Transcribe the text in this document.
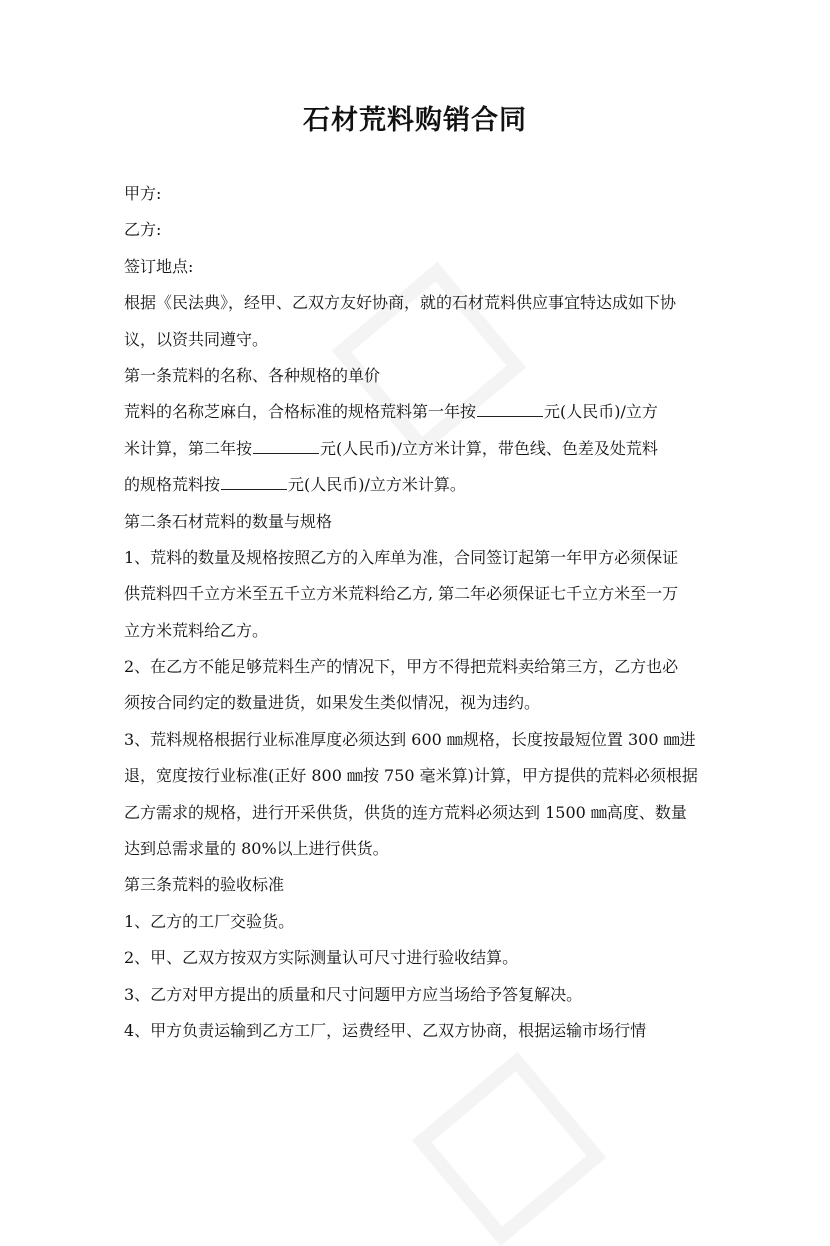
石材荒料购销合同
甲方:
乙方:
签订地点:
根据《民法典》，经甲、乙双方友好协商，就的石材荒料供应事宜特达成如下协
议，以资共同遵守。
第一条荒料的名称、各种规格的单价
荒料的名称芝麻白，合格标准的规格荒料第一年按	元(人民币)/立方
米计算，第二年按	元(人民币)/立方米计算，带色线、色差及处荒料
的规格荒料按	元(人民币)/立方米计算。
第二条石材荒料的数量与规格
1、荒料的数量及规格按照乙方的入库单为准，合同签订起第一年甲方必须保证
供荒料四千立方米至五千立方米荒料给乙方, 第二年必须保证七千立方米至一万
立方米荒料给乙方。
2、在乙方不能足够荒料生产的情况下，甲方不得把荒料卖给第三方，乙方也必
须按合同约定的数量进货，如果发生类似情况，视为违约。
3、荒料规格根据行业标准厚度必须达到 600 ㎜规格，长度按最短位置 300 ㎜进
退，宽度按行业标准(正好 800 ㎜按 750 毫米算)计算，甲方提供的荒料必须根据
乙方需求的规格，进行开采供货，供货的连方荒料必须达到 1500 ㎜高度、数量
达到总需求量的 80%以上进行供货。
第三条荒料的验收标准
1、乙方的工厂交验货。
2、甲、乙双方按双方实际测量认可尺寸进行验收结算。
3、乙方对甲方提出的质量和尺寸问题甲方应当场给予答复解决。
4、甲方负责运输到乙方工厂，运费经甲、乙双方协商，根据运输市场行情
